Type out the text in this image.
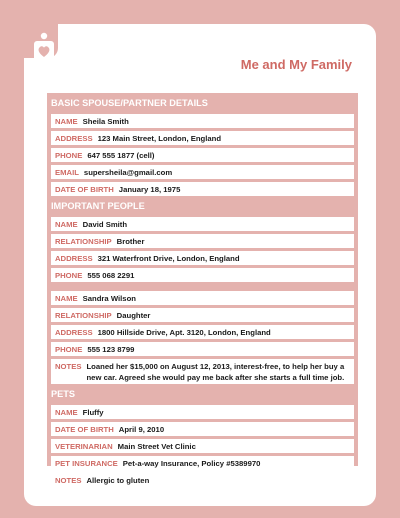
Me and My Family
BASIC SPOUSE/PARTNER DETAILS
NAME Sheila Smith
ADDRESS 123 Main Street, London, England
PHONE 647 555 1877 (cell)
EMAIL supersheila@gmail.com
DATE OF BIRTH January 18, 1975
IMPORTANT PEOPLE
NAME David Smith
RELATIONSHIP Brother
ADDRESS 321 Waterfront Drive, London, England
PHONE 555 068 2291
NAME Sandra Wilson
RELATIONSHIP Daughter
ADDRESS 1800 Hillside Drive, Apt. 3120, London, England
PHONE 555 123 8799
NOTES Loaned her $15,000 on August 12, 2013, interest-free, to help her buy a new car. Agreed she would pay me back after she starts a full time job.
PETS
NAME Fluffy
DATE OF BIRTH April 9, 2010
VETERINARIAN Main Street Vet Clinic
PET INSURANCE Pet-a-way Insurance, Policy #5389970
NOTES Allergic to gluten
2
